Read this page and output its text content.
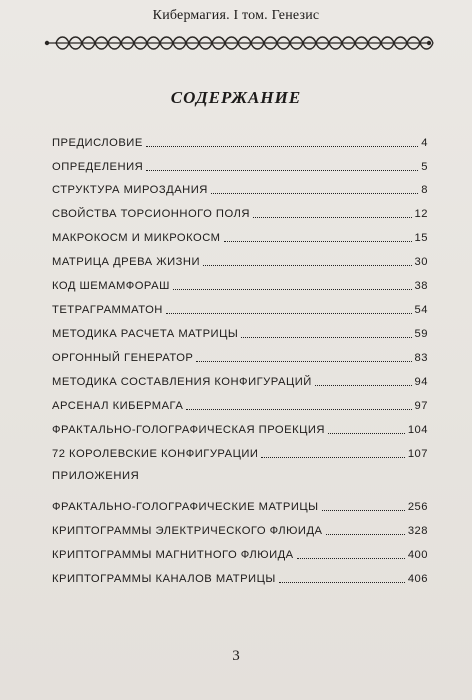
Кибермагия. I том. Генезис
СОДЕРЖАНИЕ
ПРЕДИСЛОВИЕ	4
ОПРЕДЕЛЕНИЯ	5
СТРУКТУРА МИРОЗДАНИЯ	8
СВОЙСТВА ТОРСИОННОГО ПОЛЯ	12
МАКРОКОСМ И МИКРОКОСМ	15
МАТРИЦА ДРЕВА ЖИЗНИ	30
КОД ШЕМАМФОРАШ	38
ТЕТРАГРАММАТОН	54
МЕТОДИКА РАСЧЕТА МАТРИЦЫ	59
ОРГОННЫЙ ГЕНЕРАТОР	83
МЕТОДИКА СОСТАВЛЕНИЯ КОНФИГУРАЦИЙ	94
АРСЕНАЛ КИБЕРМАГА	97
ФРАКТАЛЬНО-ГОЛОГРАФИЧЕСКАЯ ПРОЕКЦИЯ	104
72 КОРОЛЕВСКИЕ КОНФИГУРАЦИИ	107
ПРИЛОЖЕНИЯ
ФРАКТАЛЬНО-ГОЛОГРАФИЧЕСКИЕ МАТРИЦЫ	256
КРИПТОГРАММЫ ЭЛЕКТРИЧЕСКОГО ФЛЮИДА	328
КРИПТОГРАММЫ МАГНИТНОГО ФЛЮИДА	400
КРИПТОГРАММЫ КАНАЛОВ МАТРИЦЫ	406
3
